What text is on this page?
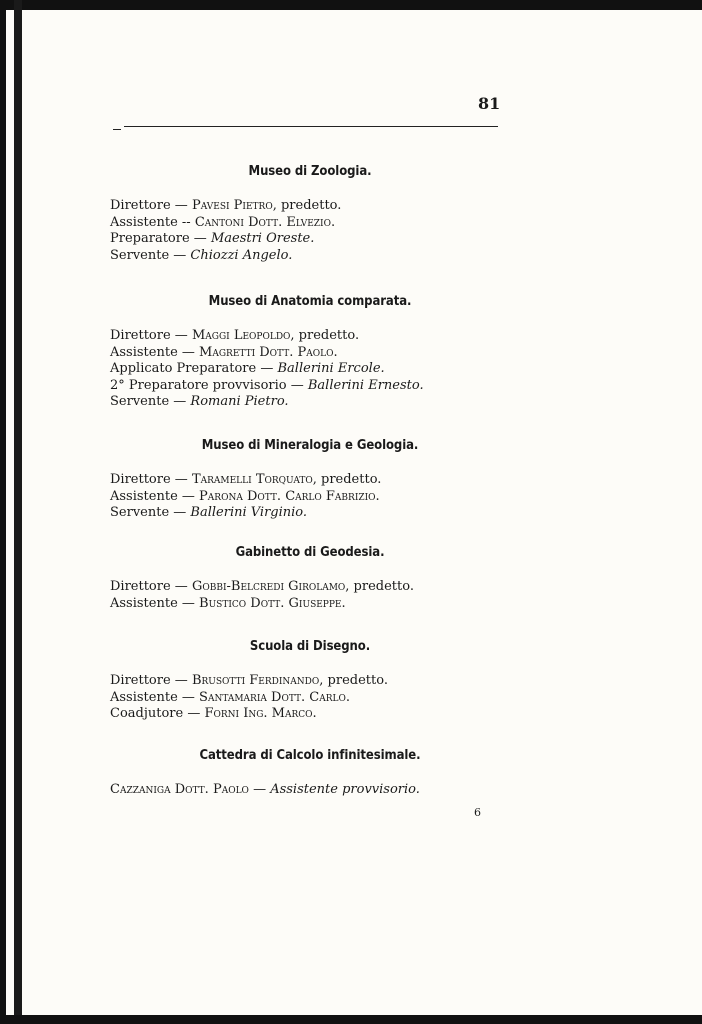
81
Museo di Zoologia.
Direttore — Pavesi Pietro, predetto.
Assistente -- Cantoni Dott. Elvezio.
Preparatore — Maestri Oreste.
Servente — Chiozzi Angelo.
Museo di Anatomia comparata.
Direttore — Maggi Leopoldo, predetto.
Assistente — Magretti Dott. Paolo.
Applicato Preparatore — Ballerini Ercole.
2° Preparatore provvisorio — Ballerini Ernesto.
Servente — Romani Pietro.
Museo di Mineralogia e Geologia.
Direttore — Taramelli Torquato, predetto.
Assistente — Parona Dott. Carlo Fabrizio.
Servente — Ballerini Virginio.
Gabinetto di Geodesia.
Direttore — Gobbi-Belcredi Girolamo, predetto.
Assistente — Bustico Dott. Giuseppe.
Scuola di Disegno.
Direttore — Brusotti Ferdinando, predetto.
Assistente — Santamaria Dott. Carlo.
Coadjutore — Forni Ing. Marco.
Cattedra di Calcolo infinitesimale.
Cazzaniga Dott. Paolo — Assistente provvisorio.
6
